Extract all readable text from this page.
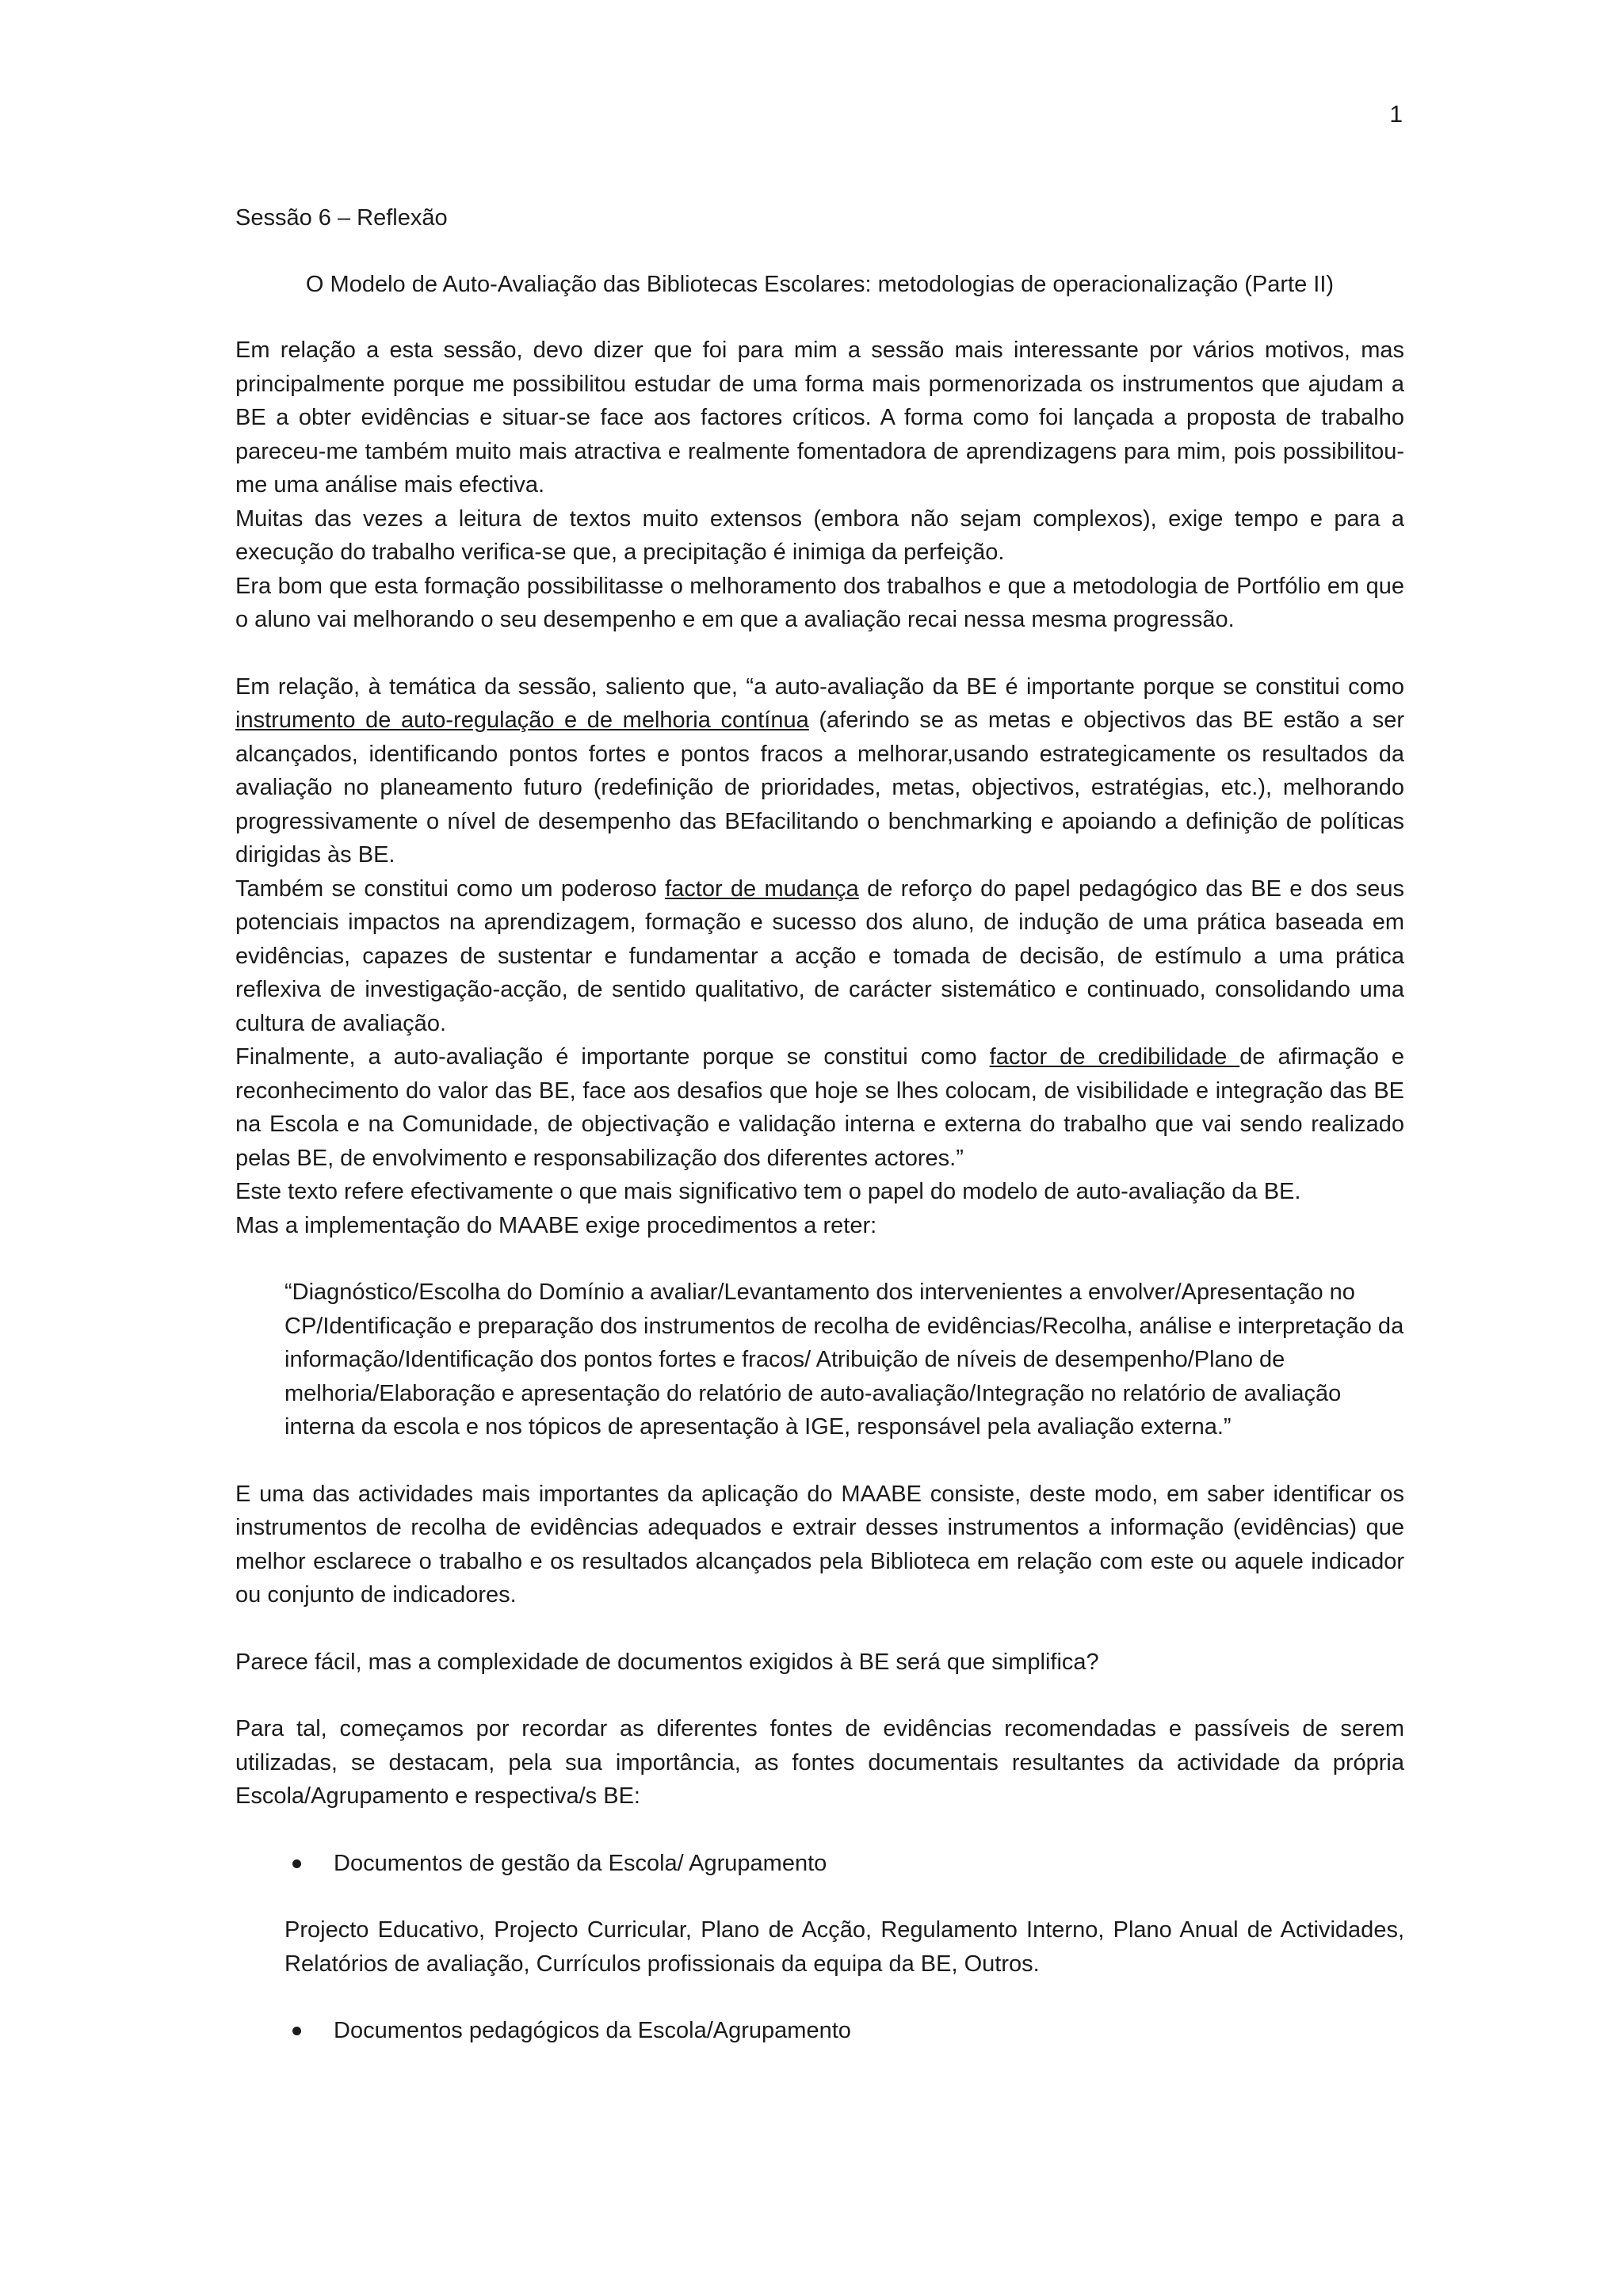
1

Sessão 6 – Reflexão

O Modelo de Auto-Avaliação das Bibliotecas Escolares: metodologias de operacionalização (Parte II)

Em relação a esta sessão, devo dizer que foi para mim a sessão mais interessante por vários motivos, mas principalmente porque me possibilitou estudar de uma forma mais pormenorizada os instrumentos que ajudam a BE a obter evidências e situar-se face aos factores críticos. A forma como foi lançada a proposta de trabalho pareceu-me também muito mais atractiva e realmente fomentadora de aprendizagens para mim, pois possibilitou-me uma análise mais efectiva.

Muitas das vezes a leitura de textos muito extensos (embora não sejam complexos), exige tempo e para a execução do trabalho verifica-se que, a precipitação é inimiga da perfeição.

Era bom que esta formação possibilitasse o melhoramento dos trabalhos e que a metodologia de Portfólio em que o aluno vai melhorando o seu desempenho e em que a avaliação recai nessa mesma progressão.

Em relação, à temática da sessão, saliento que, “a auto-avaliação da BE é importante porque se constitui como instrumento de auto-regulação e de melhoria contínua (aferindo se as metas e objectivos das BE estão a ser alcançados, identificando pontos fortes e pontos fracos a melhorar,usando estrategicamente os resultados da avaliação no planeamento futuro (redefinição de prioridades, metas, objectivos, estratégias, etc.), melhorando progressivamente o nível de desempenho das BEfacilitando o benchmarking e apoiando a definição de políticas dirigidas às BE.

Também se constitui como um poderoso factor de mudança de reforço do papel pedagógico das BE e dos seus potenciais impactos na aprendizagem, formação e sucesso dos aluno, de indução de uma prática baseada em evidências, capazes de sustentar e fundamentar a acção e tomada de decisão, de estímulo a uma prática reflexiva de investigação-acção, de sentido qualitativo, de carácter sistemático e continuado, consolidando uma cultura de avaliação.

Finalmente, a auto-avaliação é importante porque se constitui como factor de credibilidade de afirmação e reconhecimento do valor das BE, face aos desafios que hoje se lhes colocam, de visibilidade e integração das BE na Escola e na Comunidade, de objectivação e validação interna e externa do trabalho que vai sendo realizado pelas BE, de envolvimento e responsabilização dos diferentes actores.”

Este texto refere efectivamente o que mais significativo tem o papel do modelo de auto-avaliação da BE.

Mas a implementação do MAABE exige procedimentos a reter:

“Diagnóstico/Escolha do Domínio a avaliar/Levantamento dos intervenientes a envolver/Apresentação no CP/Identificação e preparação dos instrumentos de recolha de evidências/Recolha, análise e interpretação da informação/Identificação dos pontos fortes e fracos/ Atribuição de níveis de desempenho/Plano de melhoria/Elaboração e apresentação do relatório de auto-avaliação/Integração no relatório de avaliação interna da escola e nos tópicos de apresentação à IGE, responsável pela avaliação externa.”

E uma das actividades mais importantes da aplicação do MAABE consiste, deste modo, em saber identificar os instrumentos de recolha de evidências adequados e extrair desses instrumentos a informação (evidências) que melhor esclarece o trabalho e os resultados alcançados pela Biblioteca em relação com este ou aquele indicador ou conjunto de indicadores.

Parece fácil, mas a complexidade de documentos exigidos à BE será que simplifica?

Para tal, começamos por recordar as diferentes fontes de evidências recomendadas e passíveis de serem utilizadas, se destacam, pela sua importância, as fontes documentais resultantes da actividade da própria Escola/Agrupamento e respectiva/s BE:

Documentos de gestão da Escola/ Agrupamento

Projecto Educativo, Projecto Curricular, Plano de Acção, Regulamento Interno, Plano Anual de Actividades, Relatórios de avaliação, Currículos profissionais da equipa da BE, Outros.

Documentos pedagógicos da Escola/Agrupamento
